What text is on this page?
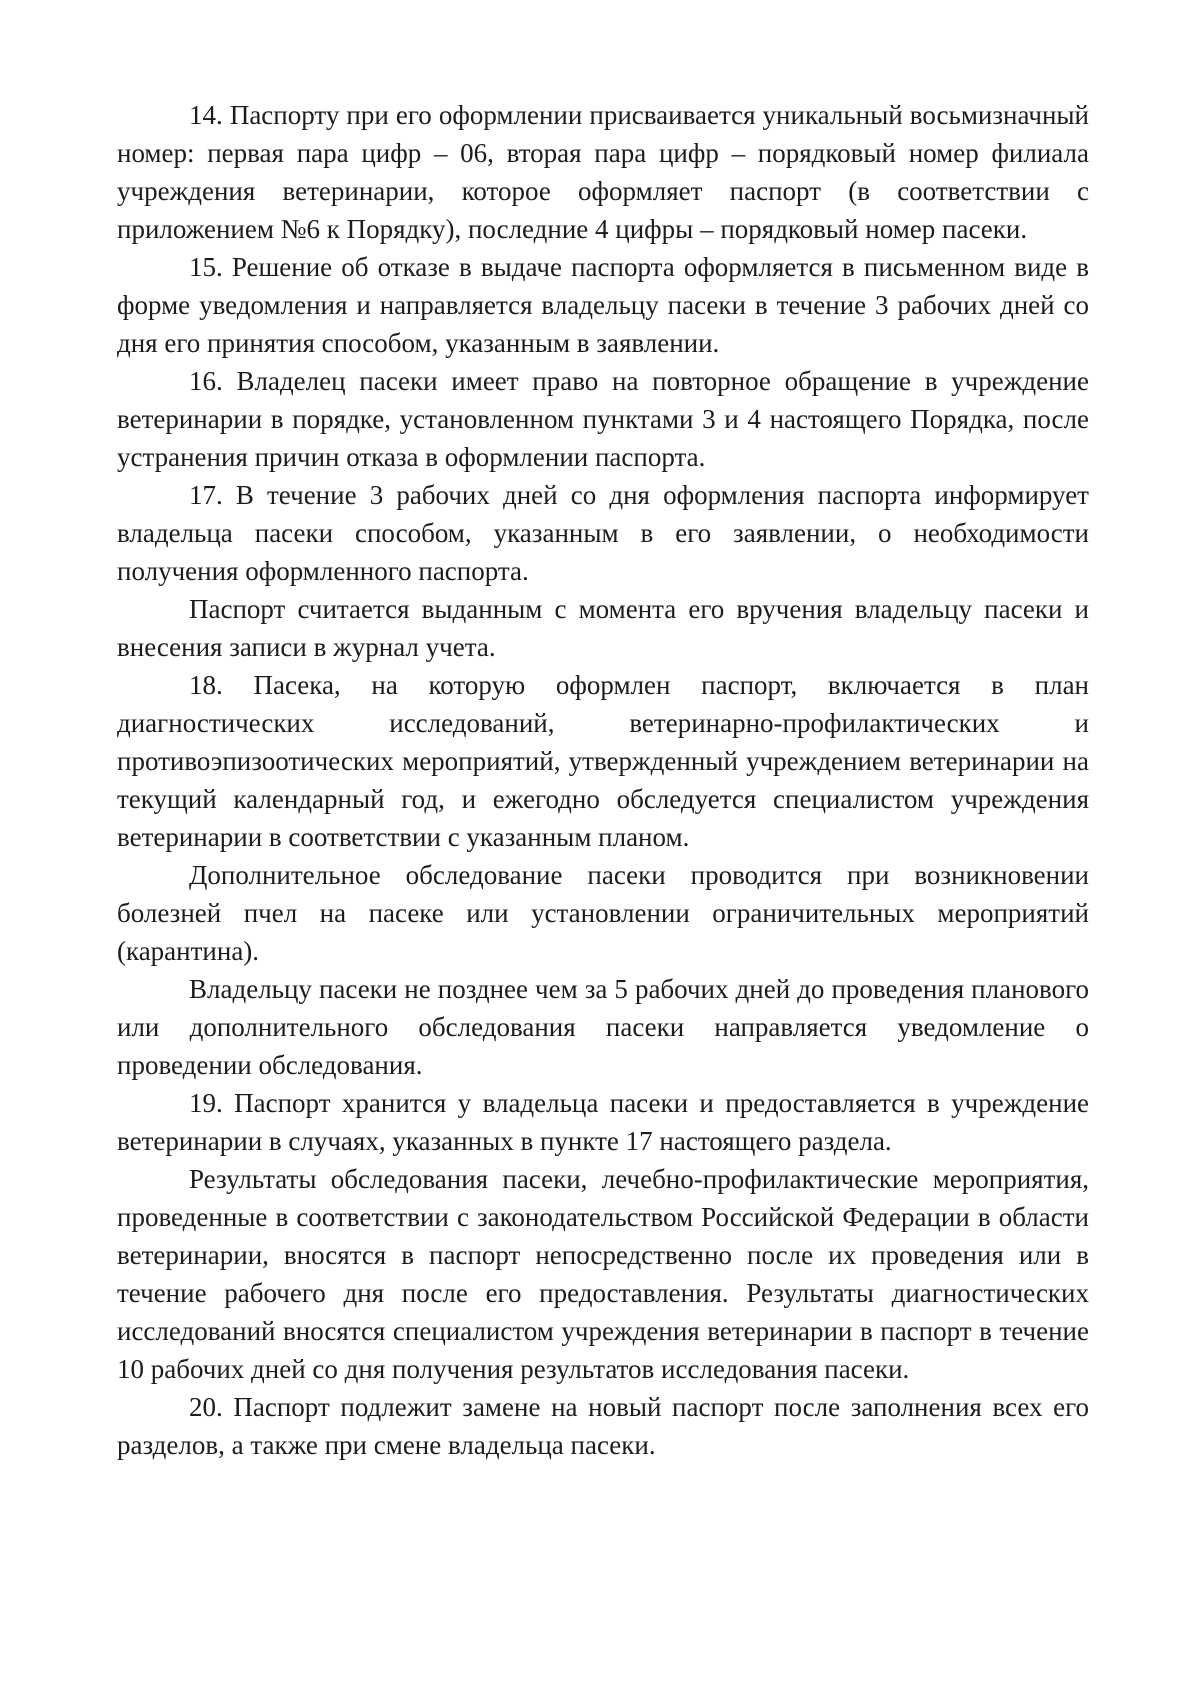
14. Паспорту при его оформлении присваивается уникальный восьмизначный номер: первая пара цифр – 06, вторая пара цифр – порядковый номер филиала учреждения ветеринарии, которое оформляет паспорт (в соответствии с приложением №6 к Порядку), последние 4 цифры – порядковый номер пасеки.

15. Решение об отказе в выдаче паспорта оформляется в письменном виде в форме уведомления и направляется владельцу пасеки в течение 3 рабочих дней со дня его принятия способом, указанным в заявлении.

16. Владелец пасеки имеет право на повторное обращение в учреждение ветеринарии в порядке, установленном пунктами 3 и 4 настоящего Порядка, после устранения причин отказа в оформлении паспорта.

17. В течение 3 рабочих дней со дня оформления паспорта информирует владельца пасеки способом, указанным в его заявлении, о необходимости получения оформленного паспорта.

Паспорт считается выданным с момента его вручения владельцу пасеки и внесения записи в журнал учета.

18. Пасека, на которую оформлен паспорт, включается в план диагностических исследований, ветеринарно-профилактических и противоэпизоотических мероприятий, утвержденный учреждением ветеринарии на текущий календарный год, и ежегодно обследуется специалистом учреждения ветеринарии в соответствии с указанным планом.

Дополнительное обследование пасеки проводится при возникновении болезней пчел на пасеке или установлении ограничительных мероприятий (карантина).

Владельцу пасеки не позднее чем за 5 рабочих дней до проведения планового или дополнительного обследования пасеки направляется уведомление о проведении обследования.

19. Паспорт хранится у владельца пасеки и предоставляется в учреждение ветеринарии в случаях, указанных в пункте 17 настоящего раздела.

Результаты обследования пасеки, лечебно-профилактические мероприятия, проведенные в соответствии с законодательством Российской Федерации в области ветеринарии, вносятся в паспорт непосредственно после их проведения или в течение рабочего дня после его предоставления. Результаты диагностических исследований вносятся специалистом учреждения ветеринарии в паспорт в течение 10 рабочих дней со дня получения результатов исследования пасеки.

20. Паспорт подлежит замене на новый паспорт после заполнения всех его разделов, а также при смене владельца пасеки.
